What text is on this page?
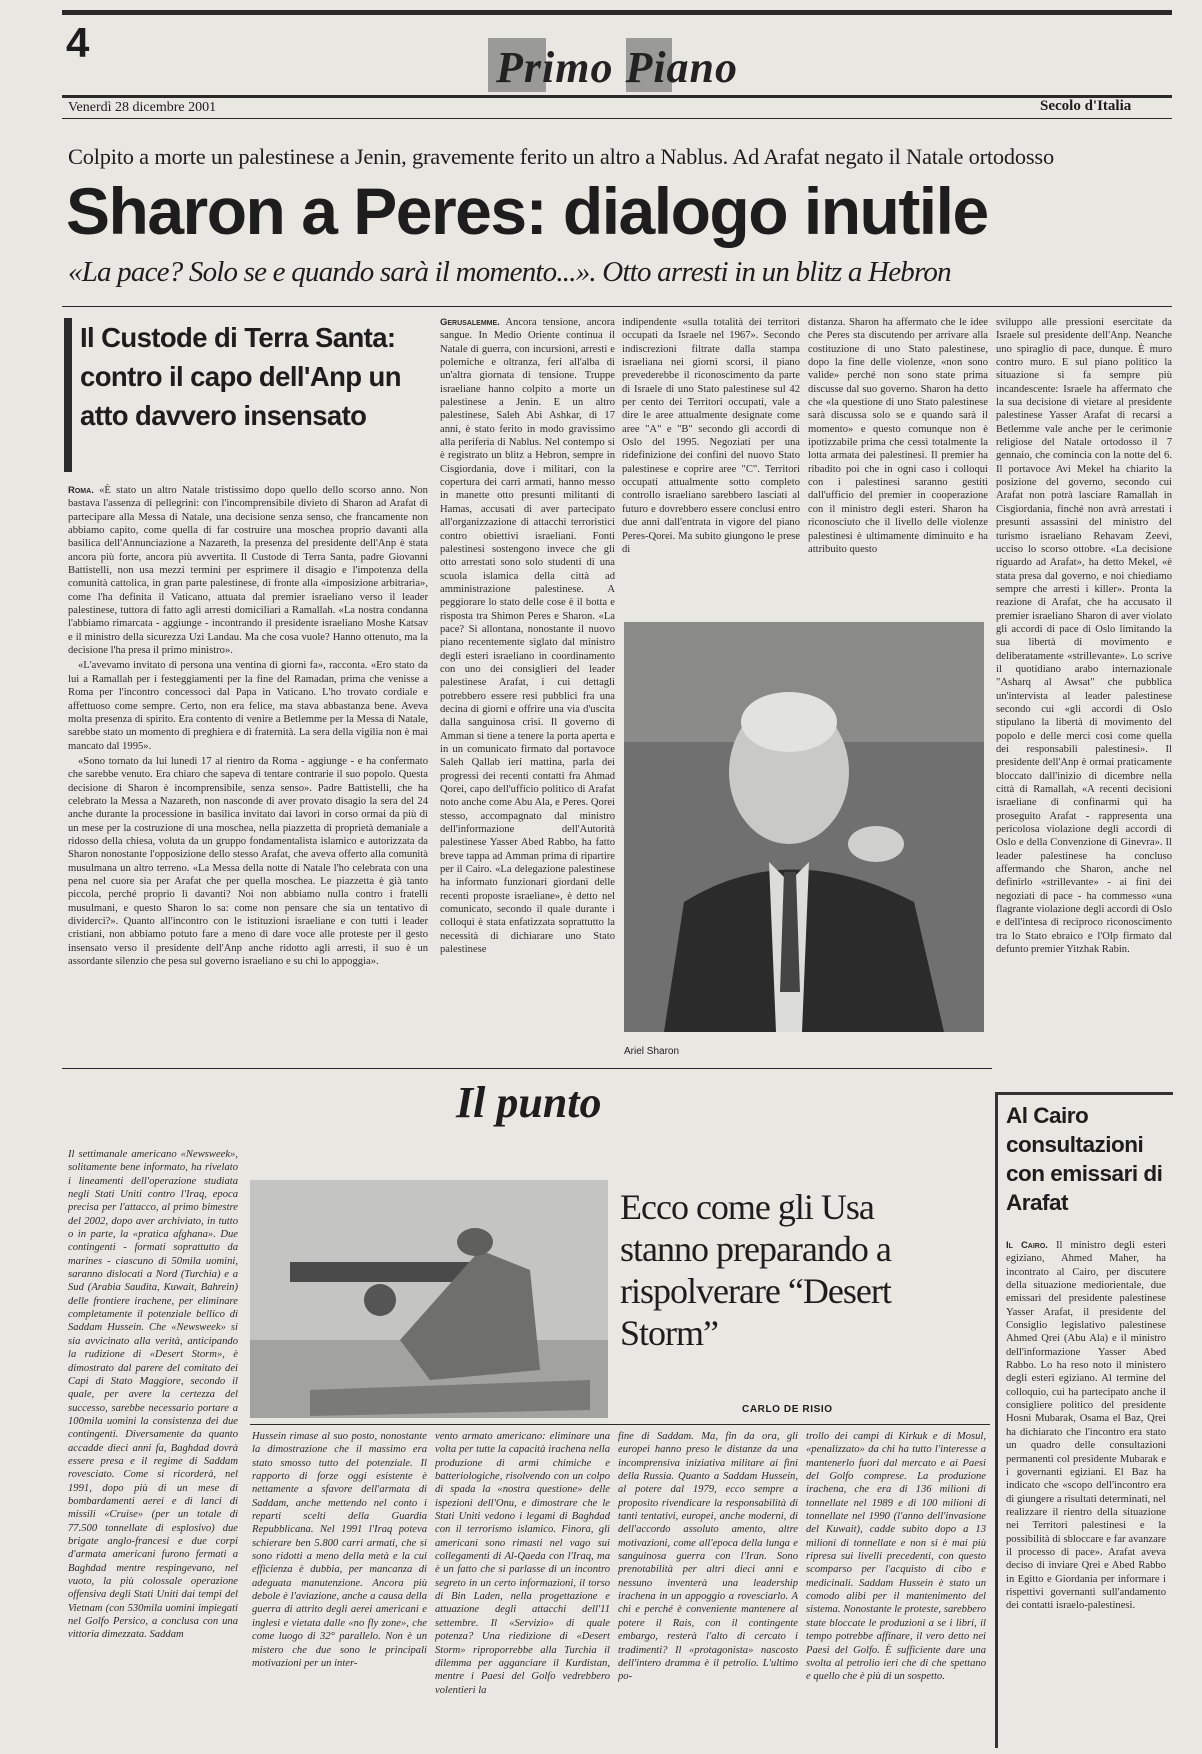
4
Primo Piano
Venerdì 28 dicembre 2001	Secolo d'Italia
Colpito a morte un palestinese a Jenin, gravemente ferito un altro a Nablus. Ad Arafat negato il Natale ortodosso
Sharon a Peres: dialogo inutile
«La pace? Solo se e quando sarà il momento...». Otto arresti in un blitz a Hebron
Il Custode di Terra Santa: contro il capo dell'Anp un atto davvero insensato

Roma. «È stato un altro Natale tristissimo dopo quello dello scorso anno. Non bastava l'assenza di pellegrini: con l'incomprensibile divieto di Sharon ad Arafat di partecipare alla Messa di Natale, una decisione senza senso, che francamente non abbiamo capito, come quella di far costruire una moschea proprio davanti alla basilica dell'Annunciazione a Nazareth, la presenza del presidente dell'Anp è stata ancora più forte, ancora più avvertita. Il Custode di Terra Santa, padre Giovanni Battistelli, non usa mezzi termini per esprimere il disagio e l'impotenza della comunità cattolica, in gran parte palestinese, di fronte alla «imposizione arbitraria», come l'ha definita il Vaticano, attuata dal premier israeliano verso il leader palestinese, tuttora di fatto agli arresti domiciliari a Ramallah. «La nostra condanna l'abbiamo rimarcata - aggiunge - incontrando il presidente israeliano Moshe Katsav e il ministro della sicurezza Uzi Landau. Ma che cosa vuole? Hanno ottenuto, ma la decisione l'ha presa il primo ministro».

«L'avevamo invitato di persona una ventina di giorni fa», racconta. «Ero stato da lui a Ramallah per i festeggiamenti per la fine del Ramadan, prima che venisse a Roma per l'incontro concessoci dal Papa in Vaticano. L'ho trovato cordiale e affettuoso come sempre. Certo, non era felice, ma stava abbastanza bene. Aveva molta presenza di spirito. Era contento di venire a Betlemme per la Messa di Natale, sarebbe stato un momento di preghiera e di fraternità. La sera della vigilia non è mai mancato dal 1995».

«Sono tornato da lui lunedì 17 al rientro da Roma - aggiunge - e ha confermato che sarebbe venuto. Era chiaro che sapeva di tentare contrarie il suo popolo. Questa decisione di Sharon è incomprensibile, senza senso». Padre Battistelli, che ha celebrato la Messa a Nazareth, non nasconde di aver provato disagio la sera del 24 anche durante la processione in basilica invitato dai lavori in corso ormai da più di un mese per la costruzione di una moschea, nella piazzetta di proprietà demaniale a ridosso della chiesa, voluta da un gruppo fondamentalista islamico e autorizzata da Sharon nonostante l'opposizione dello stesso Arafat, che aveva offerto alla comunità musulmana un altro terreno. «La Messa della notte di Natale l'ho celebrata con una pena nel cuore sia per Arafat che per quella moschea. Le piazzetta è già tanto piccola, perché proprio lì davanti? Noi non abbiamo nulla contro i fratelli musulmani, e questo Sharon lo sa: come non pensare che sia un tentativo di dividerci?». Quanto all'incontro con le istituzioni israeliane e con tutti i leader cristiani, non abbiamo potuto fare a meno di dare voce alle proteste per il gesto insensato verso il presidente dell'Anp anche ridotto agli arresti, il suo è un assordante silenzio che pesa sul governo israeliano e su chi lo appoggia».

Gerusalemme. Ancora tensione, ancora sangue. In Medio Oriente continua il Natale di guerra, con incursioni, arresti e polemiche e oltranza, feri all'alba di un'altra giornata di tensione. Truppe israeliane hanno colpito a morte un palestinese a Jenin. E un altro palestinese, Saleh Abi Ashkar, di 17 anni, è stato ferito in modo gravissimo alla periferia di Nablus. Nel contempo si è registrato un blitz a Hebron, sempre in Cisgiordania, dove i militari, con la copertura dei carri armati, hanno messo in manette otto presunti militanti di Hamas, accusati di aver partecipato all'organizzazione di attacchi terroristici contro obiettivi israeliani. Fonti palestinesi sostengono invece che gli otto arrestati sono solo studenti di una scuola islamica della città ad amministrazione palestinese. A peggiorare lo stato delle cose è il botta e risposta tra Shimon Peres e Sharon. «La pace? Si allontana, nonostante il nuovo piano recentemente siglato dal ministro degli esteri israeliano in coordinamento con uno dei consiglieri del leader palestinese Arafat, i cui dettagli potrebbero essere resi pubblici fra una decina di giorni e offrire una via d'uscita dalla sanguinosa crisi. Il governo di Amman si tiene a tenere la porta aperta e in un comunicato firmato dal portavoce Saleh Qallab ieri mattina, parla dei progressi dei recenti contatti fra Ahmad Qorei, capo dell'ufficio politico di Arafat noto anche come Abu Ala, e Peres. Qorei stesso, accompagnato dal ministro dell'informazione dell'Autorità palestinese Yasser Abed Rabbo, ha fatto breve tappa ad Amman prima di ripartire per il Cairo. «La delegazione palestinese ha informato funzionari giordani delle recenti proposte israeliane», è detto nel comunicato, secondo il quale durante i colloqui è stata enfatizzata soprattutto la necessità di dichiarare uno Stato palestinese

indipendente «sulla totalità dei territori occupati da Israele nel 1967». Secondo indiscrezioni filtrate dalla stampa israeliana nei giorni scorsi, il piano prevederebbe il riconoscimento da parte di Israele di uno Stato palestinese sul 42 per cento dei Territori occupati, vale a dire le aree attualmente designate come aree "A" e "B" secondo gli accordi di Oslo del 1995. Negoziati per una ridefinizione dei confini del nuovo Stato palestinese e coprire aree "C". Territori occupati attualmente sotto completo controllo israeliano sarebbero lasciati al futuro e dovrebbero essere conclusi entro due anni dall'entrata in vigore del piano Peres-Qorei. Ma subito giungono le prese di

distanza. Sharon ha affermato che le idee che Peres sta discutendo per arrivare alla costituzione di uno Stato palestinese, dopo la fine delle violenze, «non sono valide» perché non sono state prima discusse dal suo governo. Sharon ha detto che «la questione di uno Stato palestinese sarà discussa solo se e quando sarà il momento» e questo comunque non è ipotizzabile prima che cessi totalmente la lotta armata dei palestinesi. Il premier ha ribadito poi che in ogni caso i colloqui con i palestinesi saranno gestiti dall'ufficio del premier in cooperazione con il ministro degli esteri. Sharon ha riconosciuto che il livello delle violenze palestinesi è ultimamente diminuito e ha attribuito questo

sviluppo alle pressioni esercitate da Israele sul presidente dell'Anp. Neanche uno spiraglio di pace, dunque. È muro contro muro. E sul piano politico la situazione si fa sempre più incandescente: Israele ha affermato che la sua decisione di vietare al presidente palestinese Yasser Arafat di recarsi a Betlemme vale anche per le cerimonie religiose del Natale ortodosso il 7 gennaio, che comincia con la notte del 6. Il portavoce Avi Mekel ha chiarito la posizione del governo, secondo cui Arafat non potrà lasciare Ramallah in Cisgiordania, finché non avrà arrestati i presunti assassini del ministro del turismo israeliano Rehavam Zeevi, ucciso lo scorso ottobre. «La decisione riguardo ad Arafat», ha detto Mekel, «è stata presa dal governo, e noi chiediamo sempre che arresti i killer». Pronta la reazione di Arafat, che ha accusato il premier israeliano Sharon di aver violato gli accordi di pace di Oslo limitando la sua libertà di movimento e deliberatamente «strillevante». Lo scrive il quotidiano arabo internazionale "Asharq al Awsat" che pubblica un'intervista al leader palestinese secondo cui «gli accordi di Oslo stipulano la libertà di movimento del popolo e delle merci così come quella dei responsabili palestinesi». Il presidente dell'Anp è ormai praticamente bloccato dall'inizio di dicembre nella città di Ramallah, «A recenti decisioni israeliane di confinarmi qui ha proseguito Arafat - rappresenta una pericolosa violazione degli accordi di Oslo e della Convenzione di Ginevra». Il leader palestinese ha concluso affermando che Sharon, anche nel definirlo «strillevante» - ai fini dei negoziati di pace - ha commesso «una flagrante violazione degli accordi di Oslo e dell'intesa di reciproco riconoscimento tra lo Stato ebraico e l'Olp firmato dal defunto premier Yitzhak Rabin.

Ariel Sharon
Il punto

Il settimanale americano «Newsweek», solitamente bene informato, ha rivelato i lineamenti dell'operazione studiata negli Stati Uniti contro l'Iraq, epoca precisa per l'attacco, al primo bimestre del 2002, dopo aver archiviato, in tutto o in parte, la «pratica afghana». Due contingenti - formati soprattutto da marines - ciascuno di 50mila uomini, saranno dislocati a Nord (Turchia) e a Sud (Arabia Saudita, Kuwait, Bahrein) delle frontiere irachene, per eliminare completamente il potenziale bellico di Saddam Hussein. Che «Newsweek» si sia avvicinato alla verità, anticipando la rudizione di «Desert Storm», è dimostrato dal parere del comitato dei Capi di Stato Maggiore, secondo il quale, per avere la certezza del successo, sarebbe necessario portare a 100mila uomini la consistenza dei due contingenti. Diversamente da quanto accadde dieci anni fa, Baghdad dovrà essere presa e il regime di Saddam rovesciato. Come si ricorderà, nel 1991, dopo più di un mese di bombardamenti aerei e di lanci di missili «Cruise» (per un totale di 77.500 tonnellate di esplosivo) due brigate anglo-francesi e due corpi d'armata americani furono fermati a Baghdad mentre respingevano, nel vuoto, la più colossale operazione offensiva degli Stati Uniti dai tempi del Vietnam (con 530mila uomini impiegati nel Golfo Persico, a conclusa con una vittoria dimezzata. Saddam

Ecco come gli Usa stanno preparando a rispolverare “Desert Storm”
CARLO DE RISIO

Hussein rimase al suo posto, nonostante la dimostrazione che il massimo era stato smosso tutto del potenziale. Il rapporto di forze oggi esistente è nettamente a sfavore dell'armata di Saddam, anche mettendo nel conto i reparti scelti della Guardia Repubblicana. Nel 1991 l'Iraq poteva schierare ben 5.800 carri armati, che si sono ridotti a meno della metà e la cui efficienza è dubbia, per mancanza di adeguata manutenzione. Ancora più debole è l'aviazione, anche a causa della guerra di attrito degli aerei americani e inglesi e vietata dalle «no fly zone», che come luogo di 32° parallelo. Non è un mistero che due sono le principali motivazioni per un inter-

vento armato americano: eliminare una volta per tutte la capacità irachena nella produzione di armi chimiche e batteriologiche, risolvendo con un colpo di spada la «nostra questione» delle ispezioni dell'Onu, e dimostrare che le Stati Uniti vedono i legami di Baghdad con il terrorismo islamico. Finora, gli americani sono rimasti nel vago sui collegamenti di Al-Qaeda con l'Iraq, ma è un fatto che si parlasse di un incontro segreto in un certo informazioni, il torso di Bin Laden, nella progettazione e attuazione degli attacchi dell'11 settembre. Il «Servizio» di quale potenza? Una riedizione di «Desert Storm» riproporrebbe alla Turchia il dilemma per agganciare il Kurdistan, mentre i Paesi del Golfo vedrebbero volentieri la

fine di Saddam. Ma, fin da ora, gli europei hanno preso le distanze da una incomprensiva iniziativa militare ai fini della Russia. Quanto a Saddam Hussein, al potere dal 1979, ecco sempre a proposito rivendicare la responsabilità di tanti tentativi, europei, anche moderni, di dell'accordo assoluto amento, altre motivazioni, come all'epoca della lunga e sanguinosa guerra con l'Iran. Sono prenotabilità per altri dieci anni e nessuno inventerà una leadership irachena in un appoggio a rovesciarlo. A chi e perché è conveniente mantenere al potere il Rais, con il contingente embargo, resterà l'alto di cercato i tradimenti? Il «protagonista» nascosto dell'intero dramma è il petrolio. L'ultimo po-

trollo dei campi di Kirkuk e di Mosul, «penalizzato» da chi ha tutto l'interesse a mantenerlo fuori dal mercato e ai Paesi del Golfo comprese. La produzione irachena, che era di 136 milioni di tonnellate nel 1989 e di 100 milioni di tonnellate nel 1990 (l'anno dell'invasione del Kuwait), cadde subito dopo a 13 milioni di tonnellate e non si è mai più ripresa sui livelli precedenti, con questo scomparso per l'acquisto di cibo e medicinali. Saddam Hussein è stato un comodo alibi per il mantenimento del sistema. Nonostante le proteste, sarebbero state bloccate le produzioni a se i libri, il tempo potrebbe affinare, il vero detto nei Paesi del Golfo. È sufficiente dare una svolta al petrolio ieri che di che spettano e quello che è più di un sospetto.

Al Cairo consultazioni con emissari di Arafat

Il Cairo. Il ministro degli esteri egiziano, Ahmed Maher, ha incontrato al Cairo, per discutere della situazione mediorientale, due emissari del presidente palestinese Yasser Arafat, il presidente del Consiglio legislativo palestinese Ahmed Qrei (Abu Ala) e il ministro dell'informazione Yasser Abed Rabbo. Lo ha reso noto il ministero degli esteri egiziano. Al termine del colloquio, cui ha partecipato anche il consigliere politico del presidente Hosni Mubarak, Osama el Baz, Qrei ha dichiarato che l'incontro era stato un quadro delle consultazioni permanenti col presidente Mubarak e i governanti egiziani. El Baz ha indicato che «scopo dell'incontro era di giungere a risultati determinati, nel realizzare il rientro della situazione nei Territori palestinesi e la possibilità di sbloccare e far avanzare il processo di pace». Arafat aveva deciso di inviare Qrei e Abed Rabbo in Egitto e Giordania per informare i rispettivi governanti sull'andamento dei contatti israelo-palestinesi.
